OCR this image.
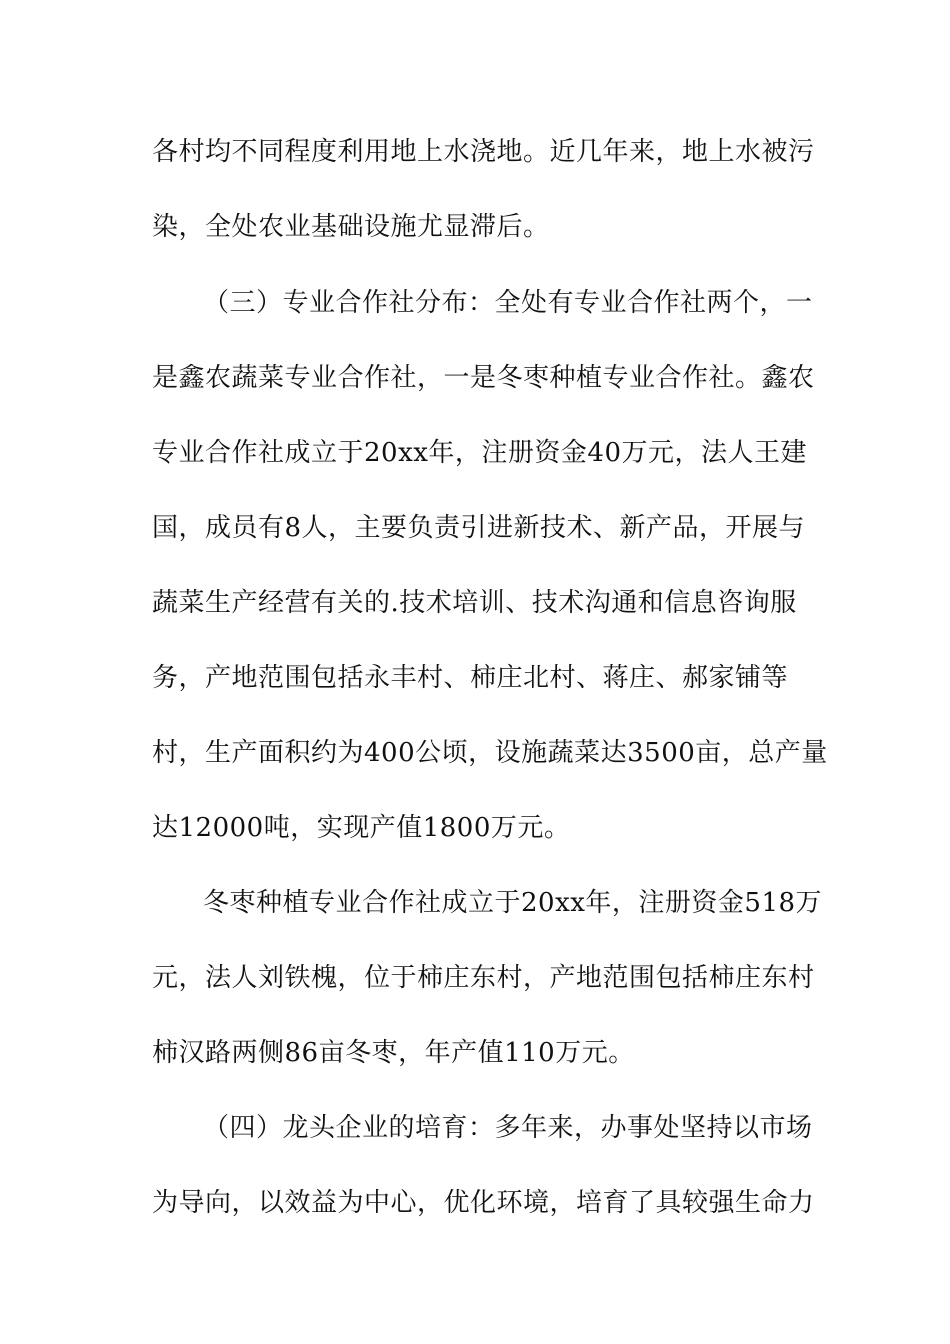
各村均不同程度利用地上水浇地。近几年来，地上水被污
染，全处农业基础设施尤显滞后。
（三）专业合作社分布：全处有专业合作社两个，一
是鑫农蔬菜专业合作社，一是冬枣种植专业合作社。鑫农
专业合作社成立于20xx年，注册资金40万元，法人王建
国，成员有8人，主要负责引进新技术、新产品，开展与
蔬菜生产经营有关的.技术培训、技术沟通和信息咨询服
务，产地范围包括永丰村、柿庄北村、蒋庄、郝家铺等
村，生产面积约为400公顷，设施蔬菜达3500亩，总产量
达12000吨，实现产值1800万元。
冬枣种植专业合作社成立于20xx年，注册资金518万
元，法人刘铁槐，位于柿庄东村，产地范围包括柿庄东村
柿汉路两侧86亩冬枣，年产值110万元。
（四）龙头企业的培育：多年来，办事处坚持以市场
为导向，以效益为中心，优化环境，培育了具较强生命力
